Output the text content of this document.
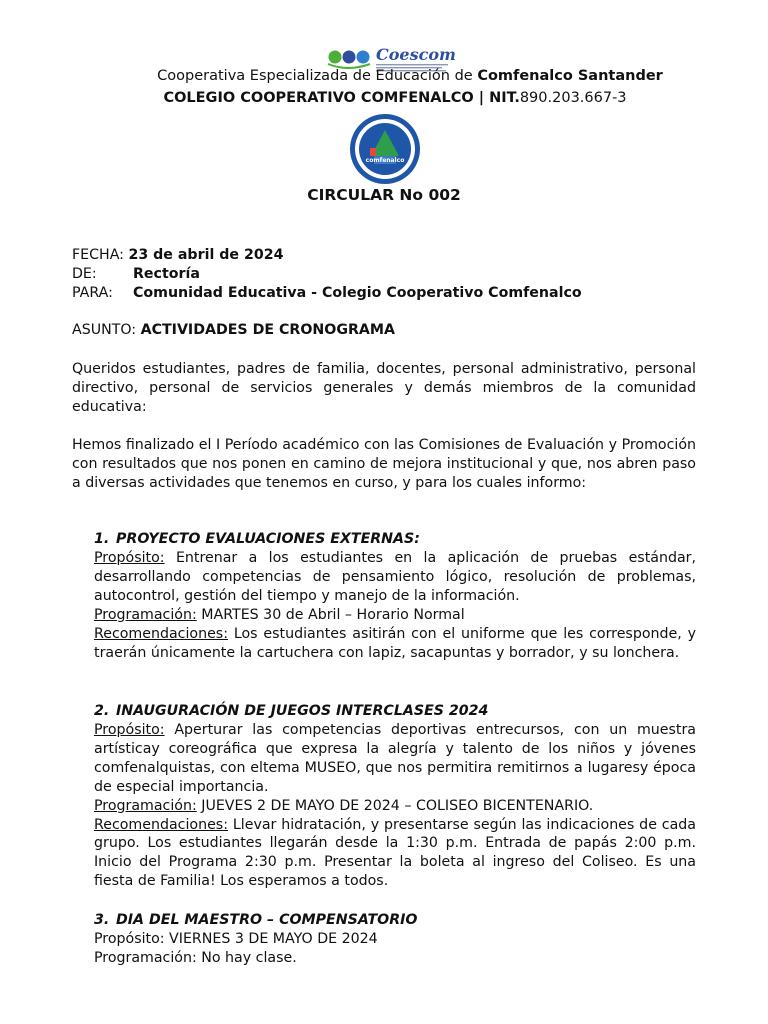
Coescom
Cooperativa Especializada de Educación de Comfenalco Santander
COLEGIO COOPERATIVO COMFENALCO | NIT.890.203.667-3
comfenalco
CIRCULAR No 002
FECHA: 23 de abril de 2024
DE:	Rectoría
PARA: Comunidad Educativa - Colegio Cooperativo Comfenalco
ASUNTO: ACTIVIDADES DE CRONOGRAMA
Queridos estudiantes, padres de familia, docentes, personal administrativo, personal directivo, personal de servicios generales y demás miembros de la comunidad educativa:
Hemos finalizado el I Período académico con las Comisiones de Evaluación y Promoción con resultados que nos ponen en camino de mejora institucional y que, nos abren paso a diversas actividades que tenemos en curso, y para los cuales informo:
1. PROYECTO EVALUACIONES EXTERNAS:
Propósito: Entrenar a los estudiantes en la aplicación de pruebas estándar, desarrollando competencias de pensamiento lógico, resolución de problemas, autocontrol, gestión del tiempo y manejo de la información.
Programación: MARTES 30 de Abril – Horario Normal
Recomendaciones: Los estudiantes asitirán con el uniforme que les corresponde, y traerán únicamente la cartuchera con lapiz, sacapuntas y borrador, y su lonchera.
2. INAUGURACIÓN DE JUEGOS INTERCLASES 2024
Propósito: Aperturar las competencias deportivas entrecursos, con un muestra artísticay coreográfica que expresa la alegría y talento de los niños y jóvenes comfenalquistas, con eltema MUSEO, que nos permitira remitirnos a lugaresy época de especial importancia.
Programación: JUEVES 2 DE MAYO DE 2024 – COLISEO BICENTENARIO.
Recomendaciones: Llevar hidratación, y presentarse según las indicaciones de cada grupo. Los estudiantes llegarán desde la 1:30 p.m. Entrada de papás 2:00 p.m. Inicio del Programa 2:30 p.m. Presentar la boleta al ingreso del Coliseo. Es una fiesta de Familia! Los esperamos a todos.
3. DIA DEL MAESTRO – COMPENSATORIO
Propósito: VIERNES 3 DE MAYO DE 2024
Programación: No hay clase.
